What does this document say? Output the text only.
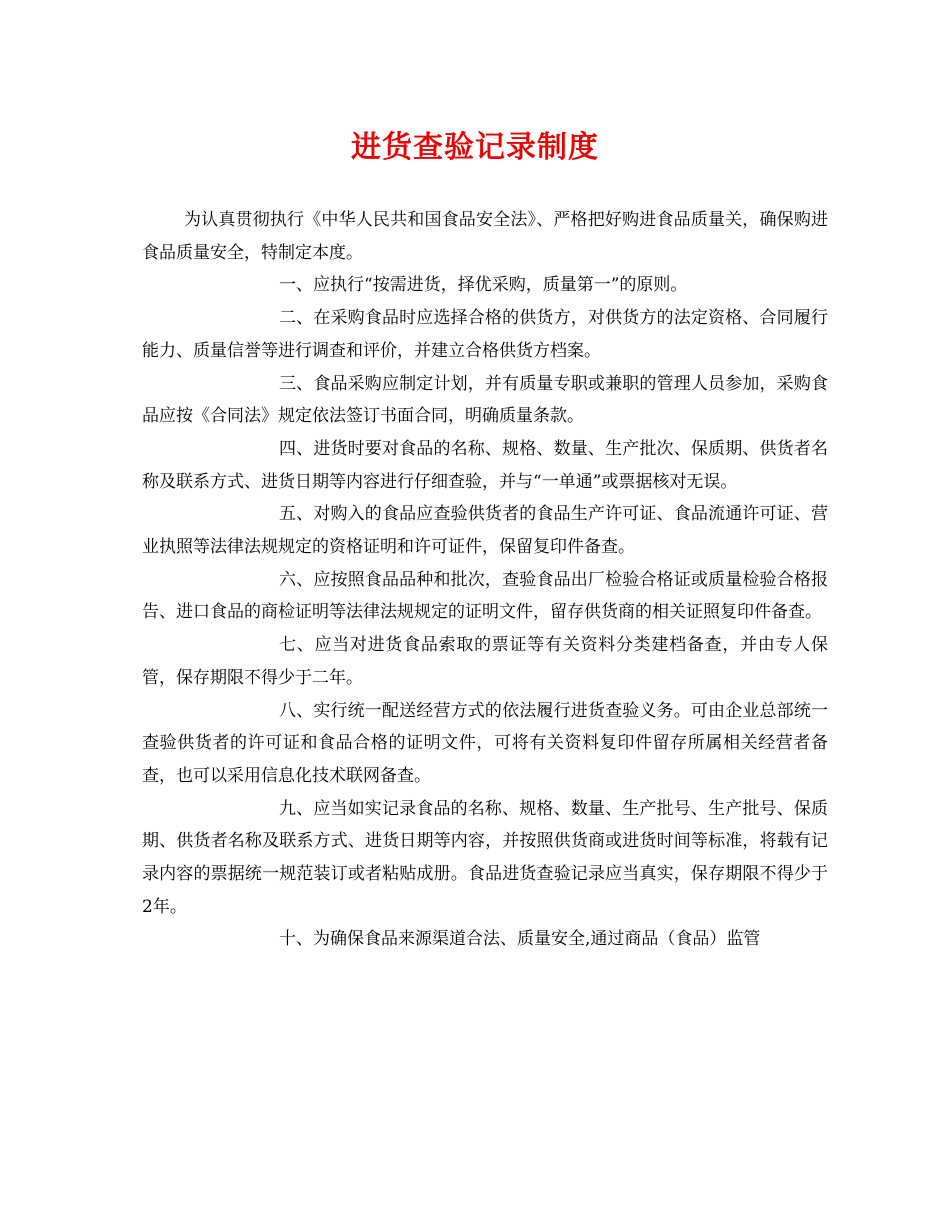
进货查验记录制度

为认真贯彻执行《中华人民共和国食品安全法》、严格把好购进食品质量关，确保购进食品质量安全，特制定本度。

一、应执行“按需进货，择优采购，质量第一”的原则。

二、在采购食品时应选择合格的供货方，对供货方的法定资格、合同履行能力、质量信誉等进行调查和评价，并建立合格供货方档案。

三、食品采购应制定计划，并有质量专职或兼职的管理人员参加，采购食品应按《合同法》规定依法签订书面合同，明确质量条款。

四、进货时要对食品的名称、规格、数量、生产批次、保质期、供货者名称及联系方式、进货日期等内容进行仔细查验，并与“一单通”或票据核对无误。

五、对购入的食品应查验供货者的食品生产许可证、食品流通许可证、营业执照等法律法规规定的资格证明和许可证件，保留复印件备查。

六、应按照食品品种和批次，查验食品出厂检验合格证或质量检验合格报告、进口食品的商检证明等法律法规规定的证明文件，留存供货商的相关证照复印件备查。

七、应当对进货食品索取的票证等有关资料分类建档备查，并由专人保管，保存期限不得少于二年。

八、实行统一配送经营方式的依法履行进货查验义务。可由企业总部统一查验供货者的许可证和食品合格的证明文件，可将有关资料复印件留存所属相关经营者备查，也可以采用信息化技术联网备查。

九、应当如实记录食品的名称、规格、数量、生产批号、生产批号、保质期、供货者名称及联系方式、进货日期等内容，并按照供货商或进货时间等标准，将载有记录内容的票据统一规范装订或者粘贴成册。食品进货查验记录应当真实，保存期限不得少于2年。

十、为确保食品来源渠道合法、质量安全,通过商品（食品）监管
